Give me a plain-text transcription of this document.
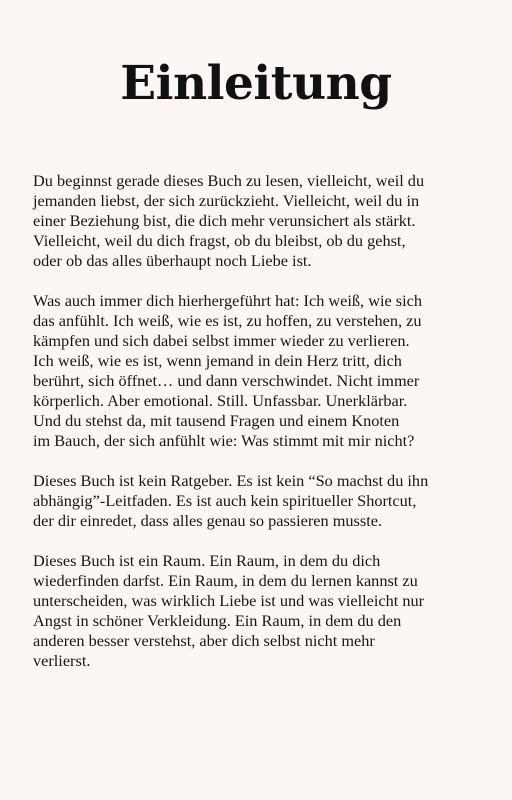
Einleitung

Du beginnst gerade dieses Buch zu lesen, vielleicht, weil du
jemanden liebst, der sich zurückzieht. Vielleicht, weil du in
einer Beziehung bist, die dich mehr verunsichert als stärkt.
Vielleicht, weil du dich fragst, ob du bleibst, ob du gehst,
oder ob das alles überhaupt noch Liebe ist.

Was auch immer dich hierhergeführt hat: Ich weiß, wie sich
das anfühlt. Ich weiß, wie es ist, zu hoffen, zu verstehen, zu
kämpfen und sich dabei selbst immer wieder zu verlieren.
Ich weiß, wie es ist, wenn jemand in dein Herz tritt, dich
berührt, sich öffnet… und dann verschwindet. Nicht immer
körperlich. Aber emotional. Still. Unfassbar. Unerklärbar.
Und du stehst da, mit tausend Fragen und einem Knoten
im Bauch, der sich anfühlt wie: Was stimmt mit mir nicht?

Dieses Buch ist kein Ratgeber. Es ist kein “So machst du ihn
abhängig”-Leitfaden. Es ist auch kein spiritueller Shortcut,
der dir einredet, dass alles genau so passieren musste.

Dieses Buch ist ein Raum. Ein Raum, in dem du dich
wiederfinden darfst. Ein Raum, in dem du lernen kannst zu
unterscheiden, was wirklich Liebe ist und was vielleicht nur
Angst in schöner Verkleidung. Ein Raum, in dem du den
anderen besser verstehst, aber dich selbst nicht mehr
verlierst.
